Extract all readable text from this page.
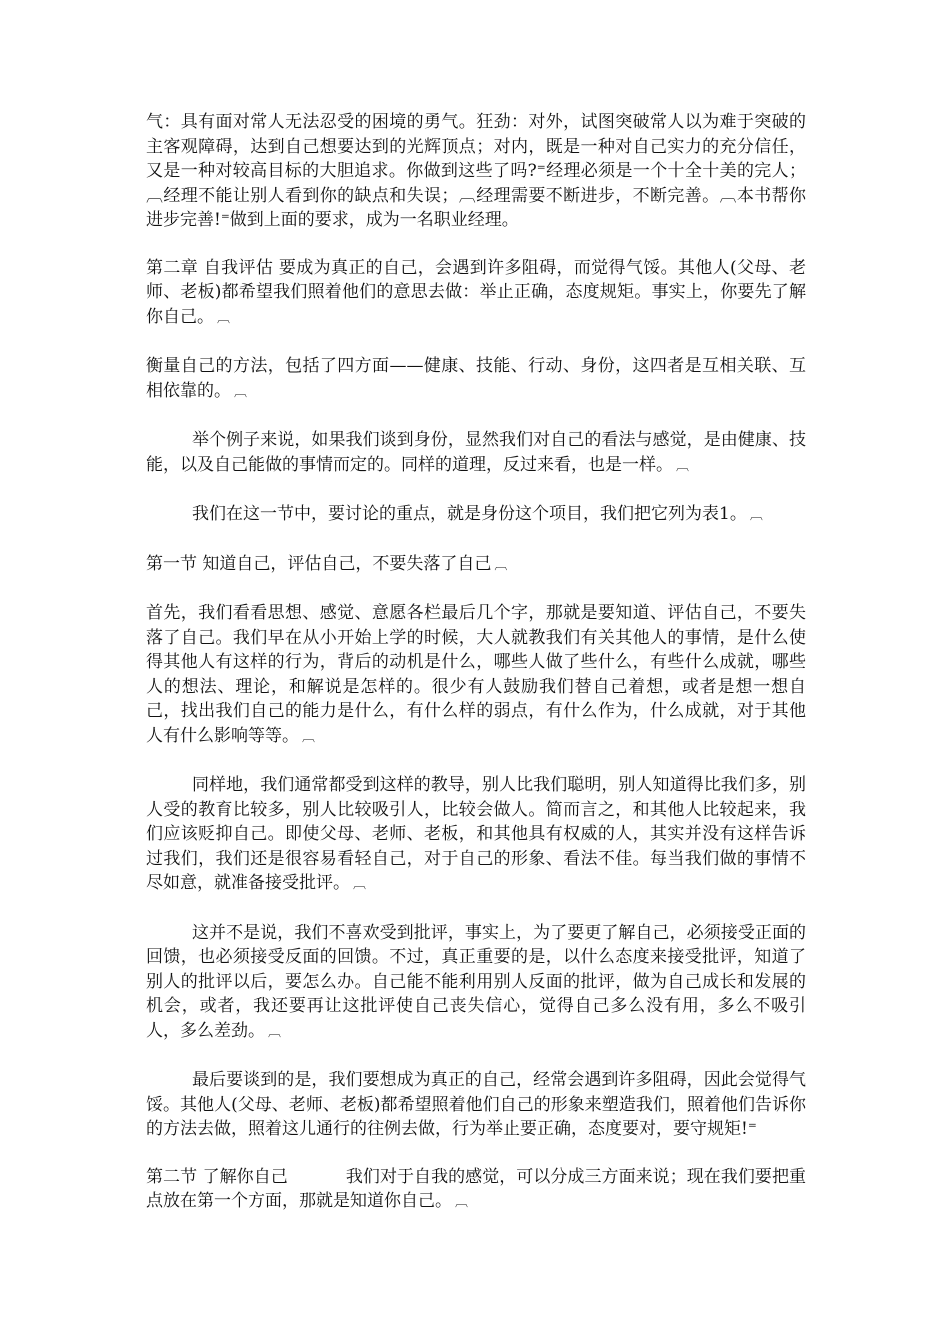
气：具有面对常人无法忍受的困境的勇气。狂劲：对外，试图突破常人以为难于突破的主客观障碍，达到自己想要达到的光辉顶点；对内，既是一种对自己实力的充分信任，又是一种对较高目标的大胆追求。你做到这些了吗?⁼经理必须是一个十全十美的完人；︹经理不能让别人看到你的缺点和失误；︹经理需要不断进步，不断完善。︹本书帮你进步完善!⁼做到上面的要求，成为一名职业经理。

第二章 自我评估 要成为真正的自己，会遇到许多阻碍，而觉得气馁。其他人(父母、老师、老板)都希望我们照着他们的意思去做：举止正确，态度规矩。事实上，你要先了解你自己。 ︹

衡量自己的方法，包括了四方面——健康、技能、行动、身份，这四者是互相关联、互相依靠的。 ︹

举个例子来说，如果我们谈到身份，显然我们对自己的看法与感觉，是由健康、技能，以及自己能做的事情而定的。同样的道理，反过来看，也是一样。 ︹

我们在这一节中，要讨论的重点，就是身份这个项目，我们把它列为表1。 ︹

第一节 知道自己，评估自己，不要失落了自己 ︹

首先，我们看看思想、感觉、意愿各栏最后几个字，那就是要知道、评估自己，不要失落了自己。我们早在从小开始上学的时候，大人就教我们有关其他人的事情，是什么使得其他人有这样的行为，背后的动机是什么，哪些人做了些什么，有些什么成就，哪些人的想法、理论，和解说是怎样的。很少有人鼓励我们替自己着想，或者是想一想自己，找出我们自己的能力是什么，有什么样的弱点，有什么作为，什么成就，对于其他人有什么影响等等。 ︹

同样地，我们通常都受到这样的教导，别人比我们聪明，别人知道得比我们多，别人受的教育比较多，别人比较吸引人，比较会做人。简而言之，和其他人比较起来，我们应该贬抑自己。即使父母、老师、老板，和其他具有权威的人，其实并没有这样告诉过我们，我们还是很容易看轻自己，对于自己的形象、看法不佳。每当我们做的事情不尽如意，就准备接受批评。 ︹

这并不是说，我们不喜欢受到批评，事实上，为了要更了解自己，必须接受正面的回馈，也必须接受反面的回馈。不过，真正重要的是，以什么态度来接受批评，知道了别人的批评以后，要怎么办。自己能不能利用别人反面的批评，做为自己成长和发展的机会，或者，我还要再让这批评使自己丧失信心，觉得自己多么没有用，多么不吸引人，多么差劲。 ︹

最后要谈到的是，我们要想成为真正的自己，经常会遇到许多阻碍，因此会觉得气馁。其他人(父母、老师、老板)都希望照着他们自己的形象来塑造我们，照着他们告诉你的方法去做，照着这儿通行的往例去做，行为举止要正确，态度要对，要守规矩!⁼

第二节 了解你自己	我们对于自我的感觉，可以分成三方面来说；现在我们要把重点放在第一个方面，那就是知道你自己。 ︹
